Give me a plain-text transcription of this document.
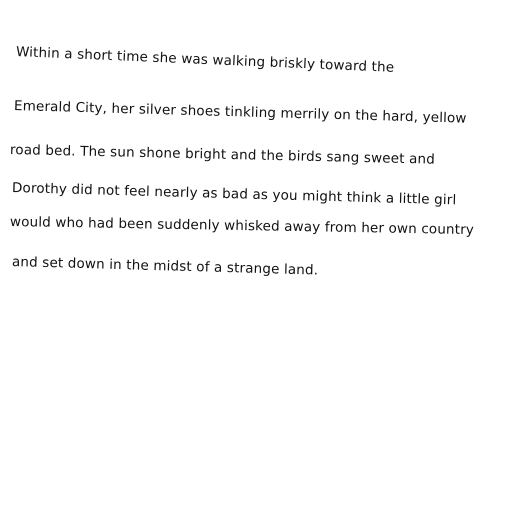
Within a short time she was walking briskly toward the
Emerald City, her silver shoes tinkling merrily on the hard, yellow
road bed. The sun shone bright and the birds sang sweet and
Dorothy did not feel nearly as bad as you might think a little girl
would who had been suddenly whisked away from her own country
and set down in the midst of a strange land.
